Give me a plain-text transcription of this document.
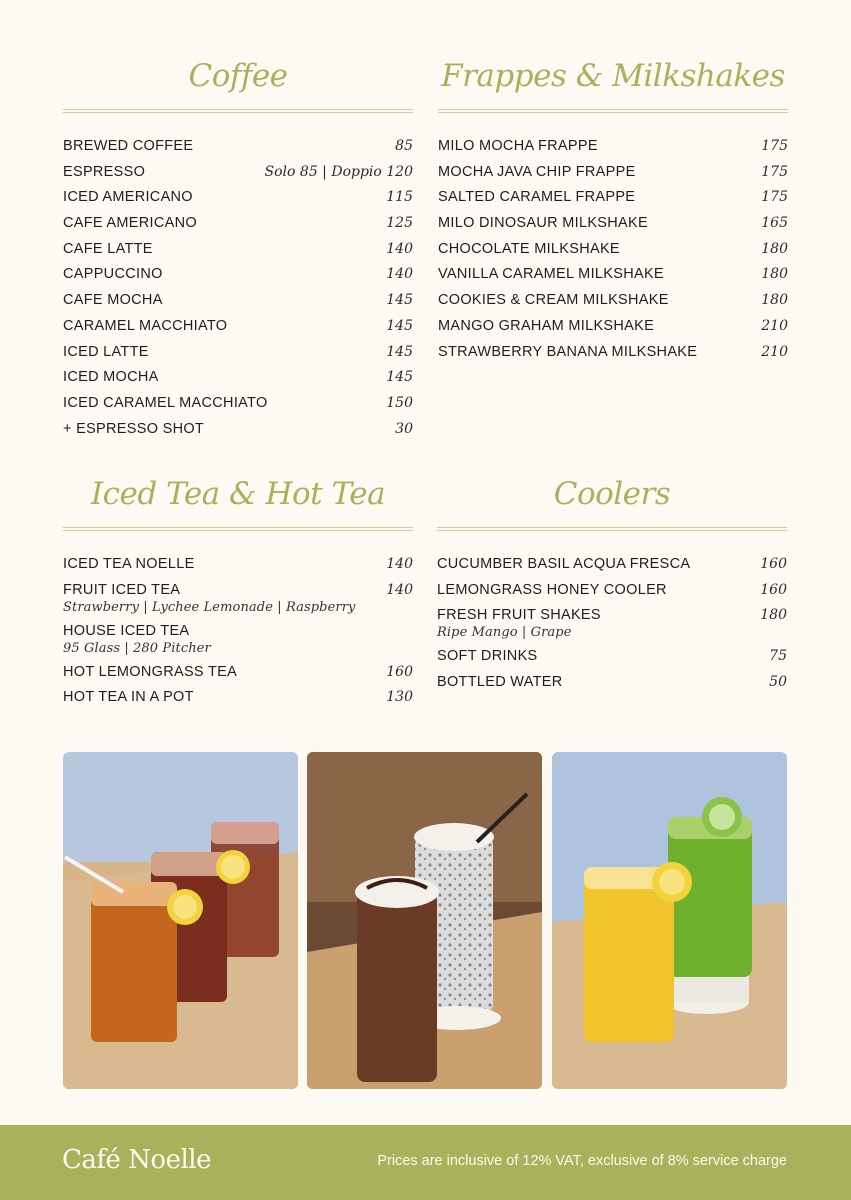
Coffee
BREWED COFFEE	85
ESPRESSO	Solo 85 | Doppio 120
ICED AMERICANO	115
CAFE AMERICANO	125
CAFE LATTE	140
CAPPUCCINO	140
CAFE MOCHA	145
CARAMEL MACCHIATO	145
ICED LATTE	145
ICED MOCHA	145
ICED CARAMEL MACCHIATO	150
+ ESPRESSO SHOT	30
Frappes & Milkshakes
MILO MOCHA FRAPPE	175
MOCHA JAVA CHIP FRAPPE	175
SALTED CARAMEL FRAPPE	175
MILO DINOSAUR MILKSHAKE	165
CHOCOLATE MILKSHAKE	180
VANILLA CARAMEL MILKSHAKE	180
COOKIES & CREAM MILKSHAKE	180
MANGO GRAHAM MILKSHAKE	210
STRAWBERRY BANANA MILKSHAKE	210
Iced Tea & Hot Tea
ICED TEA NOELLE	140
FRUIT ICED TEA	140
Strawberry | Lychee Lemonade | Raspberry
HOUSE ICED TEA
95 Glass | 280 Pitcher
HOT LEMONGRASS TEA	160
HOT TEA IN A POT	130
Coolers
CUCUMBER BASIL ACQUA FRESCA	160
LEMONGRASS HONEY COOLER	160
FRESH FRUIT SHAKES	180
Ripe Mango | Grape
SOFT DRINKS	75
BOTTLED WATER	50
Café Noelle	Prices are inclusive of 12% VAT, exclusive of 8% service charge
